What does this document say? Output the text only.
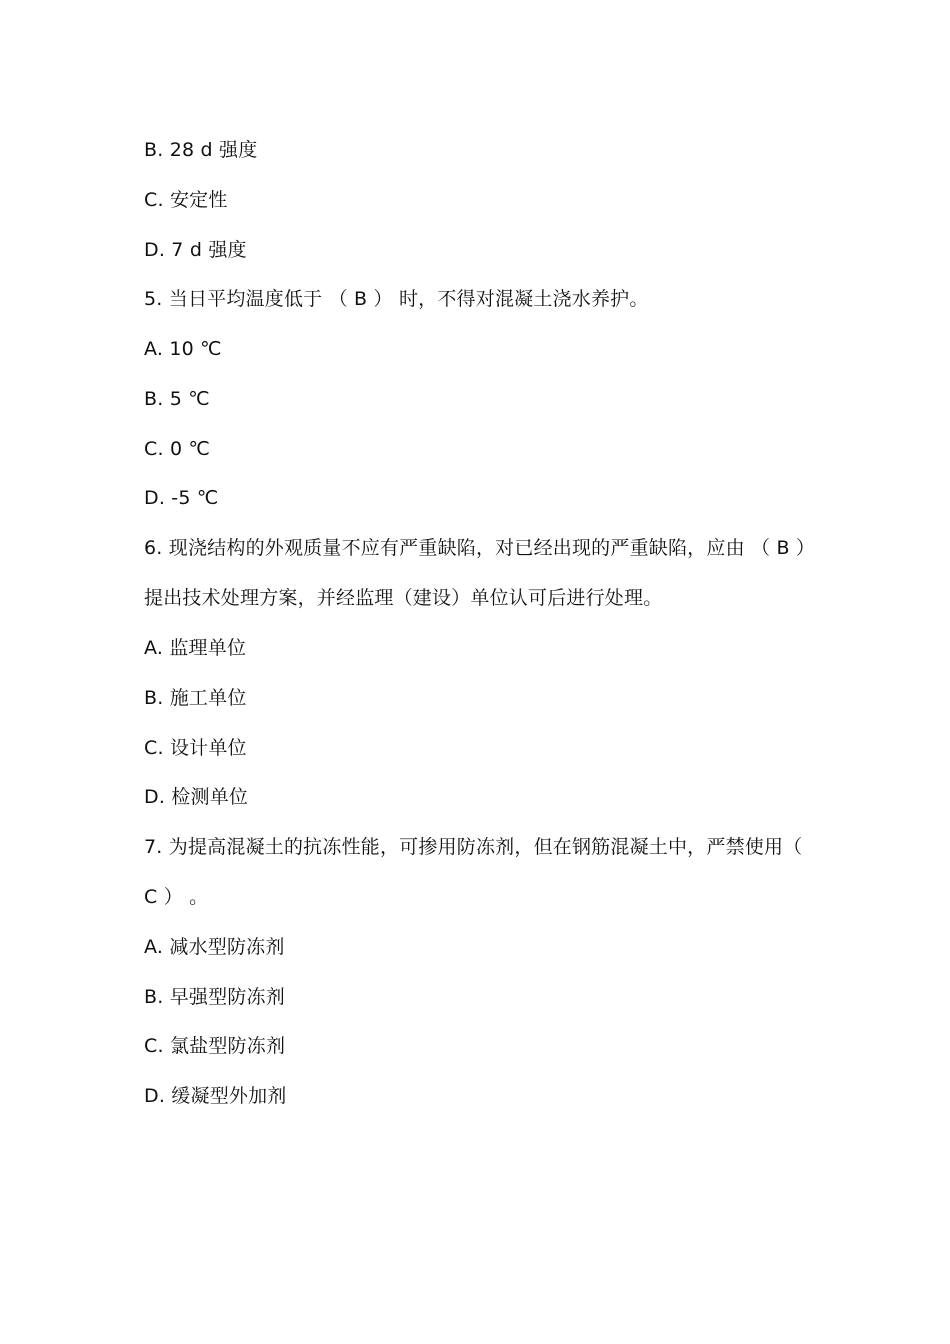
B. 28 d 强度
C. 安定性
D. 7 d 强度
5. 当日平均温度低于 （ B ） 时，不得对混凝土浇水养护。
A. 10 ℃
B. 5 ℃
C. 0 ℃
D. -5 ℃
6. 现浇结构的外观质量不应有严重缺陷，对已经出现的严重缺陷，应由 （ B ）
提出技术处理方案，并经监理（建设）单位认可后进行处理。
A. 监理单位
B. 施工单位
C. 设计单位
D. 检测单位
7. 为提高混凝土的抗冻性能，可掺用防冻剂，但在钢筋混凝土中，严禁使用（
C ） 。
A. 减水型防冻剂
B. 早强型防冻剂
C. 氯盐型防冻剂
D. 缓凝型外加剂
